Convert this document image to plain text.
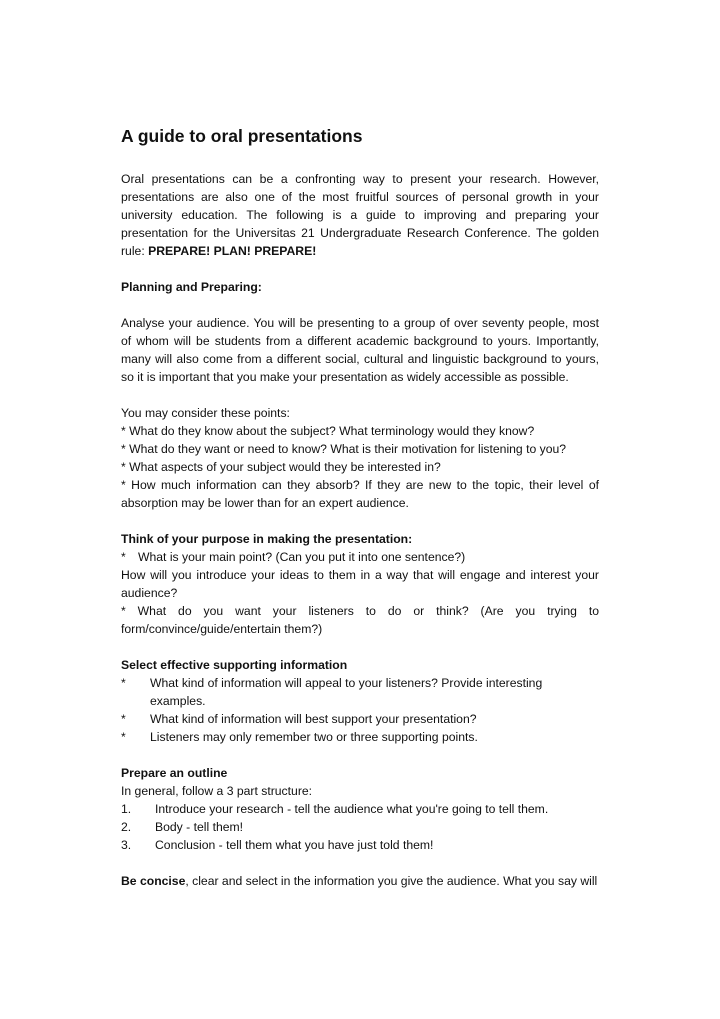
A guide to oral presentations

Oral presentations can be a confronting way to present your research. However, presentations are also one of the most fruitful sources of personal growth in your university education. The following is a guide to improving and preparing your presentation for the Universitas 21 Undergraduate Research Conference. The golden rule: PREPARE! PLAN! PREPARE!

Planning and Preparing:

Analyse your audience. You will be presenting to a group of over seventy people, most of whom will be students from a different academic background to yours. Importantly, many will also come from a different social, cultural and linguistic background to yours, so it is important that you make your presentation as widely accessible as possible.

You may consider these points:

* What do they know about the subject? What terminology would they know?

* What do they want or need to know? What is their motivation for listening to you?

* What aspects of your subject would they be interested in?

* How much information can they absorb? If they are new to the topic, their level of absorption may be lower than for an expert audience.

Think of your purpose in making the presentation:

*	What is your main point? (Can you put it into one sentence?)

How will you introduce your ideas to them in a way that will engage and interest your audience?

* What do you want your listeners to do or think? (Are you trying to form/convince/guide/entertain them?)

Select effective supporting information

*	What kind of information will appeal to your listeners? Provide interesting examples.
*	What kind of information will best support your presentation?
*	Listeners may only remember two or three supporting points.

Prepare an outline

In general, follow a 3 part structure:

1.	Introduce your research - tell the audience what you're going to tell them.
2.	Body - tell them!
3.	Conclusion - tell them what you have just told them!

Be concise, clear and select in the information you give the audience. What you say will
